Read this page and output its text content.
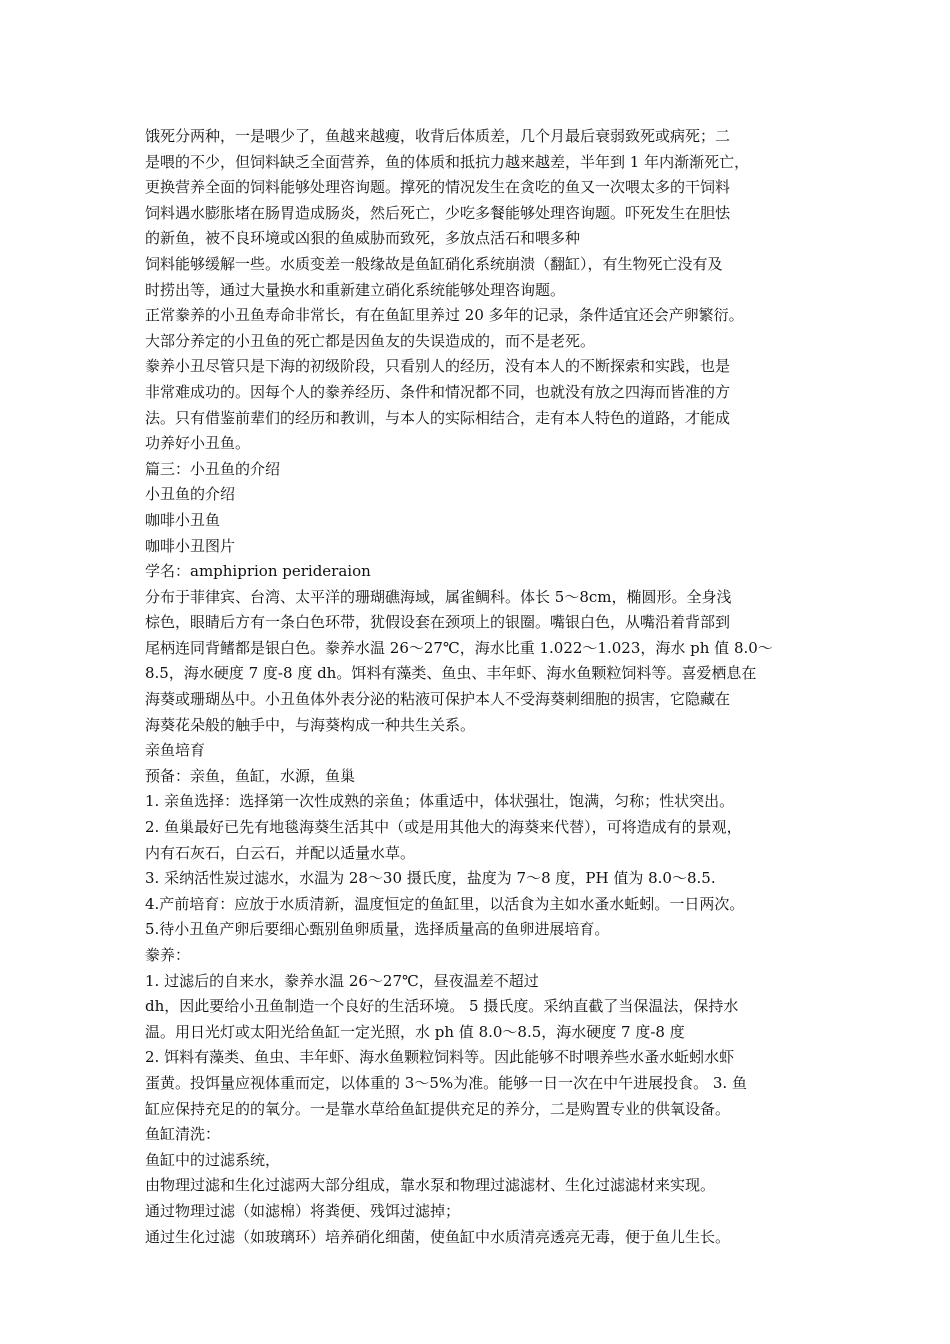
饿死分两种，一是喂少了，鱼越来越瘦，收背后体质差，几个月最后衰弱致死或病死；二
是喂的不少，但饲料缺乏全面营养，鱼的体质和抵抗力越来越差，半年到 1 年内渐渐死亡，
更换营养全面的饲料能够处理咨询题。撑死的情况发生在贪吃的鱼又一次喂太多的干饲料
饲料遇水膨胀堵在肠胃造成肠炎，然后死亡，少吃多餐能够处理咨询题。吓死发生在胆怯
的新鱼，被不良环境或凶狠的鱼威胁而致死，多放点活石和喂多种
饲料能够缓解一些。水质变差一般缘故是鱼缸硝化系统崩溃（翻缸），有生物死亡没有及
时捞出等，通过大量换水和重新建立硝化系统能够处理咨询题。
正常豢养的小丑鱼寿命非常长，有在鱼缸里养过 20 多年的记录，条件适宜还会产卵繁衍。
大部分养定的小丑鱼的死亡都是因鱼友的失误造成的，而不是老死。
豢养小丑尽管只是下海的初级阶段，只看别人的经历，没有本人的不断探索和实践，也是
非常难成功的。因每个人的豢养经历、条件和情况都不同，也就没有放之四海而皆准的方
法。只有借鉴前辈们的经历和教训，与本人的实际相结合，走有本人特色的道路，才能成
功养好小丑鱼。
篇三：小丑鱼的介绍
小丑鱼的介绍
咖啡小丑鱼
咖啡小丑图片
学名：amphiprion perideraion
分布于菲律宾、台湾、太平洋的珊瑚礁海域，属雀鲷科。体长 5～8cm，椭圆形。全身浅
棕色，眼睛后方有一条白色环带，犹假设套在颈项上的银圈。嘴银白色，从嘴沿着背部到
尾柄连同背鳍都是银白色。豢养水温 26～27℃，海水比重 1.022～1.023，海水 ph 值 8.0～
8.5，海水硬度 7 度-8 度 dh。饵料有藻类、鱼虫、丰年虾、海水鱼颗粒饲料等。喜爱栖息在
海葵或珊瑚丛中。小丑鱼体外表分泌的粘液可保护本人不受海葵刺细胞的损害，它隐藏在
海葵花朵般的触手中，与海葵构成一种共生关系。
亲鱼培育
预备：亲鱼，鱼缸，水源，鱼巢
1. 亲鱼选择：选择第一次性成熟的亲鱼；体重适中，体状强壮，饱满，匀称；性状突出。
2. 鱼巢最好已先有地毯海葵生活其中（或是用其他大的海葵来代替），可将造成有的景观，
内有石灰石，白云石，并配以适量水草。
3. 采纳活性炭过滤水，水温为 28～30 摄氏度，盐度为 7～8 度，PH 值为 8.0～8.5.
4.产前培育：应放于水质清新，温度恒定的鱼缸里，以活食为主如水蚤水蚯蚓。一日两次。
5.待小丑鱼产卵后要细心甄别鱼卵质量，选择质量高的鱼卵进展培育。
豢养：
1. 过滤后的自来水，豢养水温 26～27℃，昼夜温差不超过
dh，因此要给小丑鱼制造一个良好的生活环境。 5 摄氏度。采纳直截了当保温法，保持水
温。用日光灯或太阳光给鱼缸一定光照，水 ph 值 8.0～8.5，海水硬度 7 度-8 度
2. 饵料有藻类、鱼虫、丰年虾、海水鱼颗粒饲料等。因此能够不时喂养些水蚤水蚯蚓水虾
蛋黄。投饵量应视体重而定，以体重的 3～5%为准。能够一日一次在中午进展投食。 3. 鱼
缸应保持充足的的氧分。一是靠水草给鱼缸提供充足的养分，二是购置专业的供氧设备。
鱼缸清洗：
鱼缸中的过滤系统，
由物理过滤和生化过滤两大部分组成，靠水泵和物理过滤滤材、生化过滤滤材来实现。
通过物理过滤（如滤棉）将粪便、残饵过滤掉；
通过生化过滤（如玻璃环）培养硝化细菌，使鱼缸中水质清亮透亮无毒，便于鱼儿生长。
